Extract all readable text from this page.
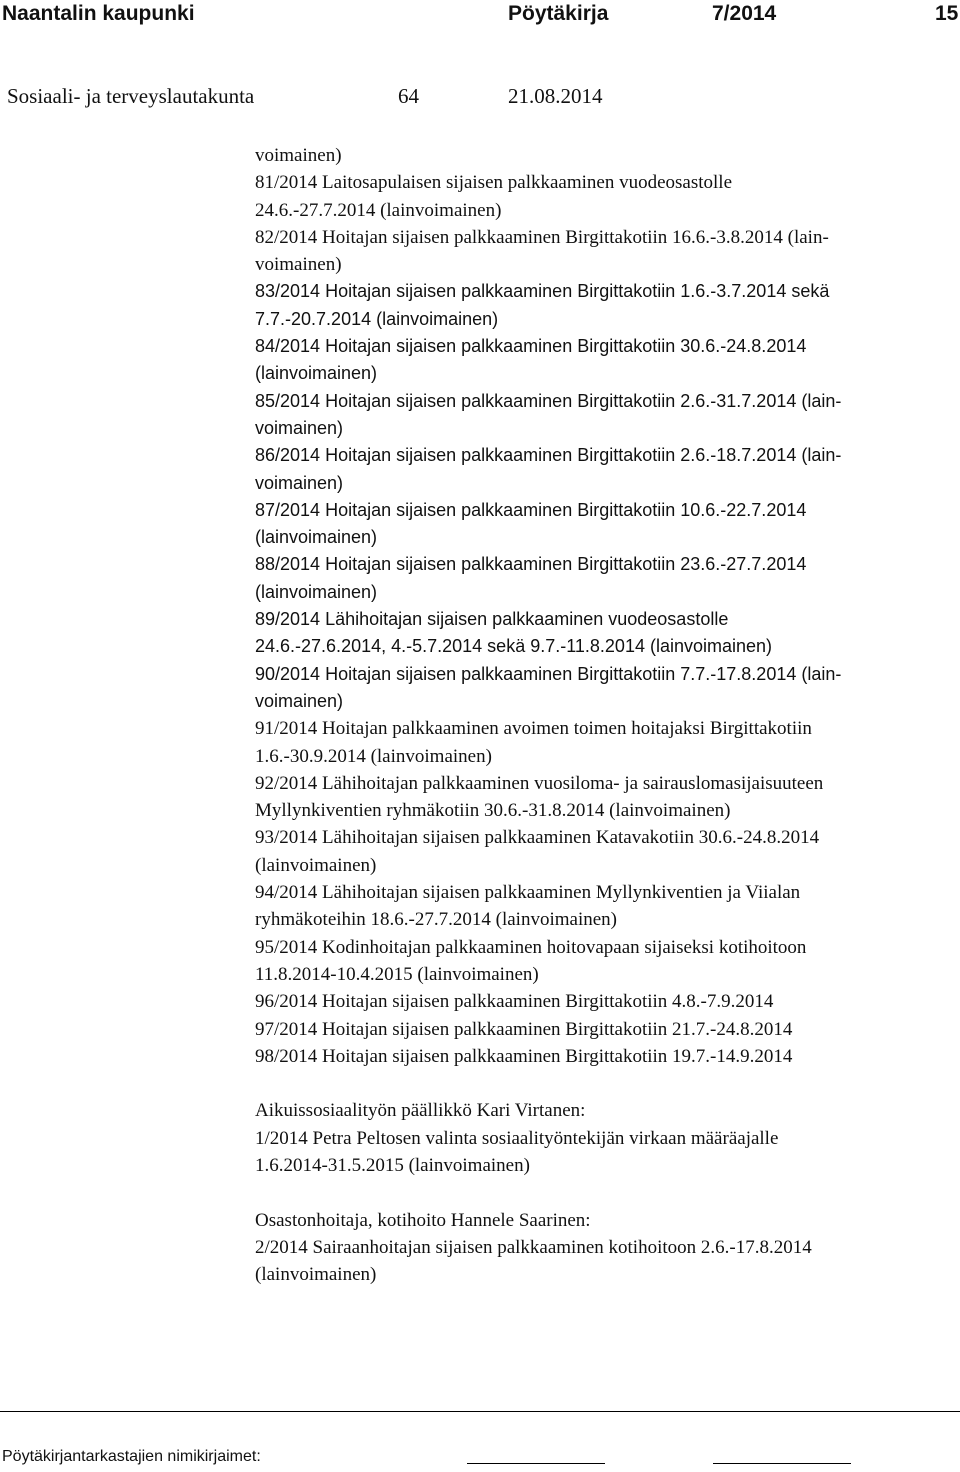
Naantalin kaupunki	Pöytäkirja	7/2014	15
Sosiaali- ja terveyslautakunta	64	21.08.2014
voimainen)
81/2014 Laitosapulaisen sijaisen palkkaaminen vuodeosastolle
24.6.-27.7.2014 (lainvoimainen)
82/2014 Hoitajan sijaisen palkkaaminen Birgittakotiin 16.6.-3.8.2014 (lain-
voimainen)
83/2014 Hoitajan sijaisen palkkaaminen Birgittakotiin 1.6.-3.7.2014 sekä
7.7.-20.7.2014 (lainvoimainen)
84/2014 Hoitajan sijaisen palkkaaminen Birgittakotiin 30.6.-24.8.2014
(lainvoimainen)
85/2014 Hoitajan sijaisen palkkaaminen Birgittakotiin 2.6.-31.7.2014 (lain-
voimainen)
86/2014 Hoitajan sijaisen palkkaaminen Birgittakotiin 2.6.-18.7.2014 (lain-
voimainen)
87/2014 Hoitajan sijaisen palkkaaminen Birgittakotiin 10.6.-22.7.2014
(lainvoimainen)
88/2014 Hoitajan sijaisen palkkaaminen Birgittakotiin 23.6.-27.7.2014
(lainvoimainen)
89/2014 Lähihoitajan sijaisen palkkaaminen vuodeosastolle
24.6.-27.6.2014, 4.-5.7.2014 sekä 9.7.-11.8.2014 (lainvoimainen)
90/2014 Hoitajan sijaisen palkkaaminen Birgittakotiin 7.7.-17.8.2014 (lain-
voimainen)
91/2014 Hoitajan palkkaaminen avoimen toimen hoitajaksi Birgittakotiin
1.6.-30.9.2014 (lainvoimainen)
92/2014 Lähihoitajan palkkaaminen vuosiloma- ja sairauslomasijaisuuteen
Myllynkiventien ryhmäkotiin 30.6.-31.8.2014 (lainvoimainen)
93/2014 Lähihoitajan sijaisen palkkaaminen Katavakotiin 30.6.-24.8.2014
(lainvoimainen)
94/2014 Lähihoitajan sijaisen palkkaaminen Myllynkiventien ja Viialan
ryhmäkoteihin 18.6.-27.7.2014 (lainvoimainen)
95/2014 Kodinhoitajan palkkaaminen hoitovapaan sijaiseksi kotihoitoon
11.8.2014-10.4.2015 (lainvoimainen)
96/2014 Hoitajan sijaisen palkkaaminen Birgittakotiin 4.8.-7.9.2014
97/2014 Hoitajan sijaisen palkkaaminen Birgittakotiin 21.7.-24.8.2014
98/2014 Hoitajan sijaisen palkkaaminen Birgittakotiin 19.7.-14.9.2014
Aikuissosiaalityön päällikkö Kari Virtanen:
1/2014 Petra Peltosen valinta sosiaalityöntekijän virkaan määräajalle
1.6.2014-31.5.2015 (lainvoimainen)
Osastonhoitaja, kotihoito Hannele Saarinen:
2/2014 Sairaanhoitajan sijaisen palkkaaminen kotihoitoon 2.6.-17.8.2014
(lainvoimainen)
Pöytäkirjantarkastajien nimikirjaimet:
